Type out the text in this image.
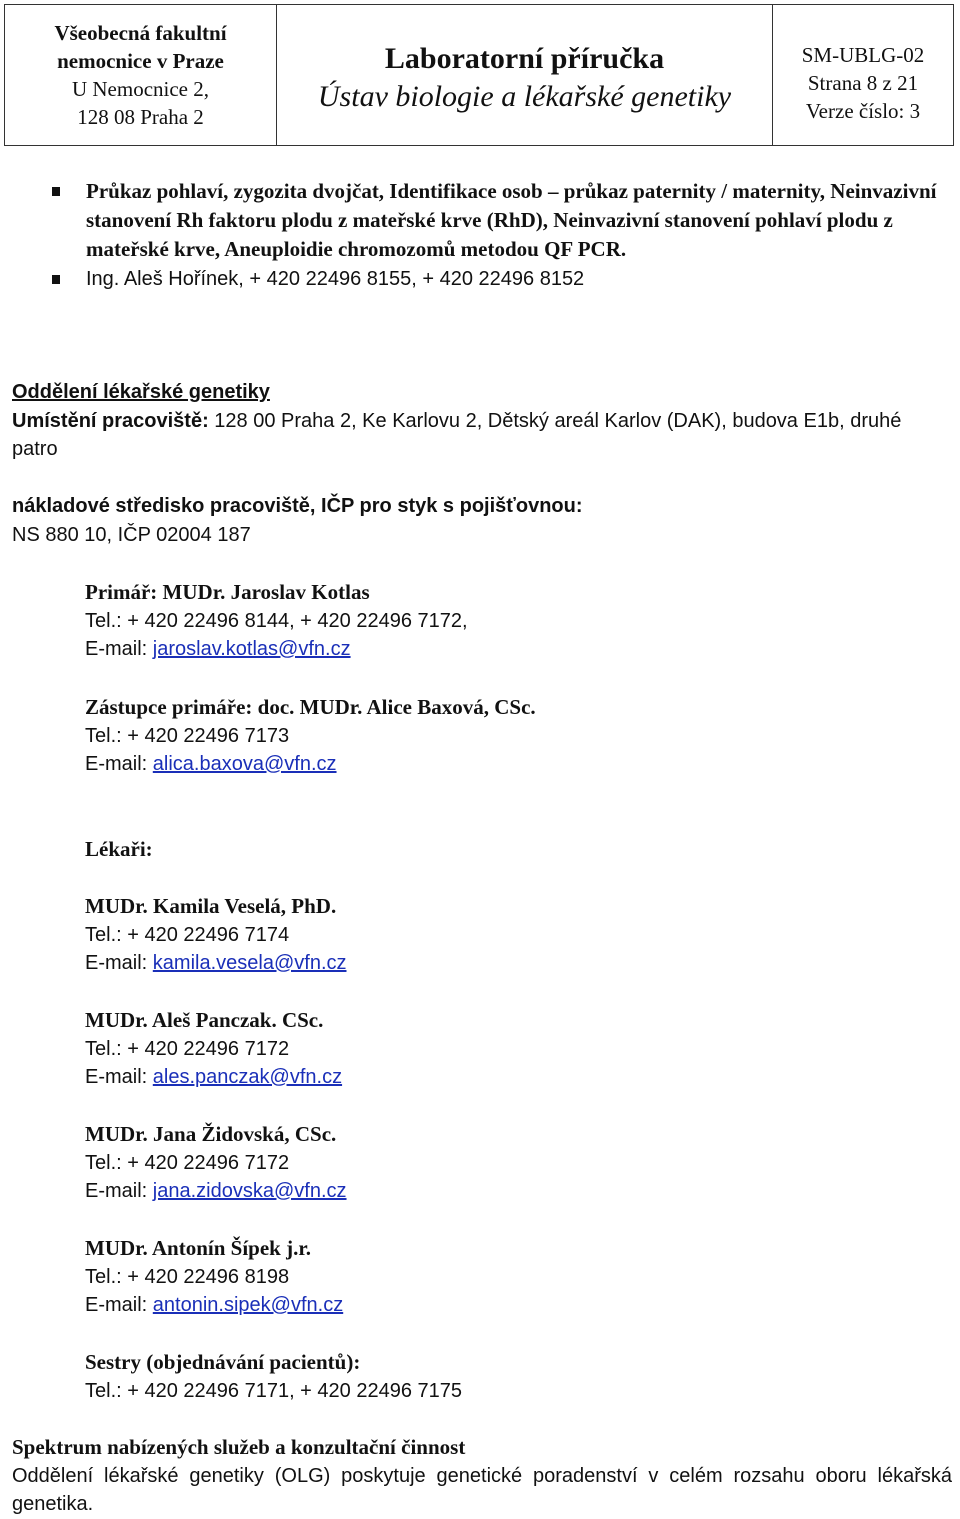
Všeobecná fakultní
nemocnice v Praze
U Nemocnice 2,
128 08 Praha 2
Laboratorní příručka
Ústav biologie a lékařské genetiky
SM-UBLG-02
Strana 8 z 21
Verze číslo: 3
Průkaz pohlaví, zygozita dvojčat, Identifikace osob – průkaz paternity / maternity, Neinvazivní stanovení Rh faktoru plodu z mateřské krve (RhD), Neinvazivní stanovení pohlaví plodu z mateřské krve, Aneuploidie chromozomů metodou QF PCR.
Ing. Aleš Hořínek, + 420 22496 8155, + 420 22496 8152
Oddělení lékařské genetiky
Umístění pracoviště: 128 00 Praha 2, Ke Karlovu 2, Dětský areál Karlov (DAK), budova E1b, druhé patro
nákladové středisko pracoviště, IČP pro styk s pojišťovnou:
NS 880 10, IČP 02004 187
Primář: MUDr. Jaroslav Kotlas
Tel.: + 420 22496 8144, + 420 22496 7172,
E-mail: jaroslav.kotlas@vfn.cz
Zástupce primáře: doc. MUDr. Alice Baxová, CSc.
Tel.: + 420 22496 7173
E-mail: alica.baxova@vfn.cz
Lékaři:
MUDr. Kamila Veselá, PhD.
Tel.: + 420 22496 7174
E-mail: kamila.vesela@vfn.cz
MUDr. Aleš Panczak. CSc.
Tel.: + 420 22496 7172
E-mail: ales.panczak@vfn.cz
MUDr. Jana Židovská, CSc.
Tel.: + 420 22496 7172
E-mail: jana.zidovska@vfn.cz
MUDr. Antonín Šípek j.r.
Tel.: + 420 22496 8198
E-mail: antonin.sipek@vfn.cz
Sestry (objednávání pacientů):
Tel.: + 420 22496 7171, + 420 22496 7175
Spektrum nabízených služeb a konzultační činnost
Oddělení lékařské genetiky (OLG) poskytuje genetické poradenství v celém rozsahu oboru lékařská genetika.
